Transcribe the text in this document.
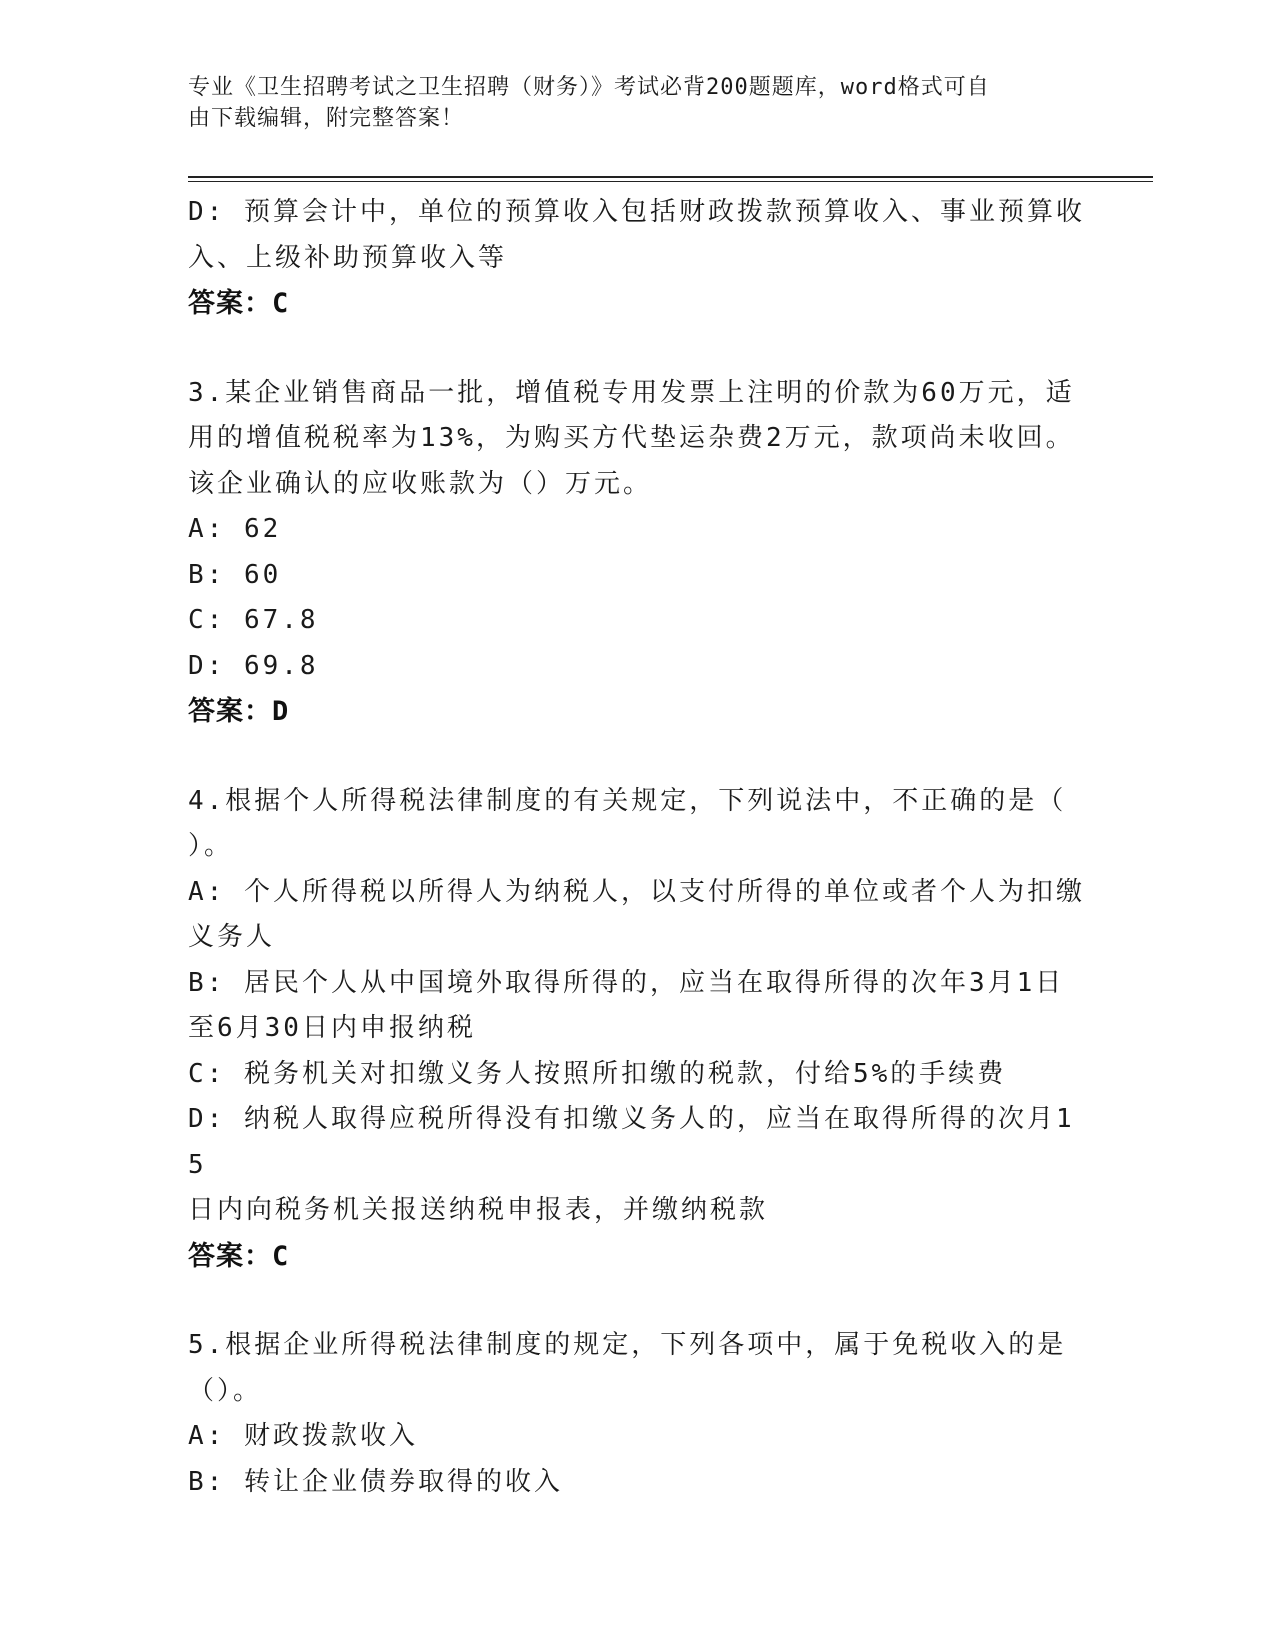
专业《卫生招聘考试之卫生招聘（财务）》考试必背200题题库，word格式可自
由下载编辑，附完整答案！
D: 预算会计中，单位的预算收入包括财政拨款预算收入、事业预算收
入、上级补助预算收入等
答案：C
3.某企业销售商品一批，增值税专用发票上注明的价款为60万元，适
用的增值税税率为13%，为购买方代垫运杂费2万元，款项尚未收回。
该企业确认的应收账款为（）万元。
A: 62
B: 60
C: 67.8
D: 69.8
答案：D
4.根据个人所得税法律制度的有关规定，下列说法中，不正确的是（
）。
A: 个人所得税以所得人为纳税人，以支付所得的单位或者个人为扣缴
义务人
B: 居民个人从中国境外取得所得的，应当在取得所得的次年3月1日
至6月30日内申报纳税
C: 税务机关对扣缴义务人按照所扣缴的税款，付给5%的手续费
D: 纳税人取得应税所得没有扣缴义务人的，应当在取得所得的次月15
日内向税务机关报送纳税申报表，并缴纳税款
答案：C
5.根据企业所得税法律制度的规定，下列各项中，属于免税收入的是
（）。
A: 财政拨款收入
B: 转让企业债券取得的收入
